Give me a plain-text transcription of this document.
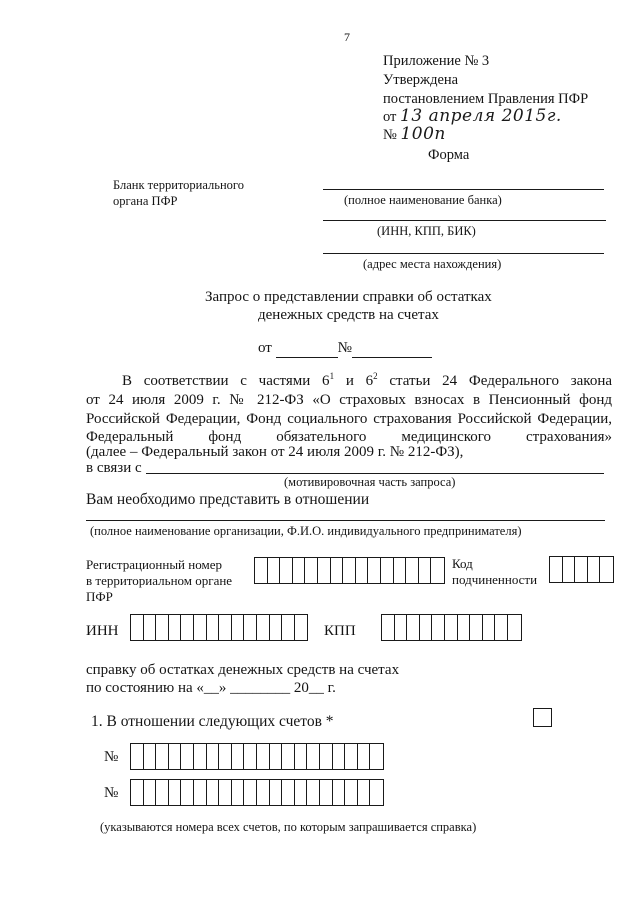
7
Приложение № 3
Утверждена
постановлением Правления ПФР
от 13 апреля 2015г.
№ 100п
Форма
Бланк территориального
органа ПФР	(полное наименование банка)
(ИНН, КПП, БИК)
(адрес места нахождения)
Запрос о представлении справки об остатках
денежных средств на счетах
от	№
В соответствии с частями $6^1$ и $6^2$ статьи 24 Федерального закона
от 24 июля 2009 г. № 212-ФЗ «О страховых взносах в Пенсионный фонд
Российской Федерации, Фонд социального страхования Российской Федерации,
Федеральный фонд обязательного медицинского страхования»
(далее – Федеральный закон от 24 июля 2009 г. № 212-ФЗ),
в связи с
(мотивировочная часть запроса)
Вам необходимо представить в отношении
(полное наименование организации, Ф.И.О. индивидуального предпринимателя)
Регистрационный номер
в территориальном органе
ПФР
Код
подчиненности
ИНН	КПП
справку об остатках денежных средств на счетах
по состоянию на «__» ________ 20__ г.
1. В отношении следующих счетов *
№
№
(указываются номера всех счетов, по которым запрашивается справка)
